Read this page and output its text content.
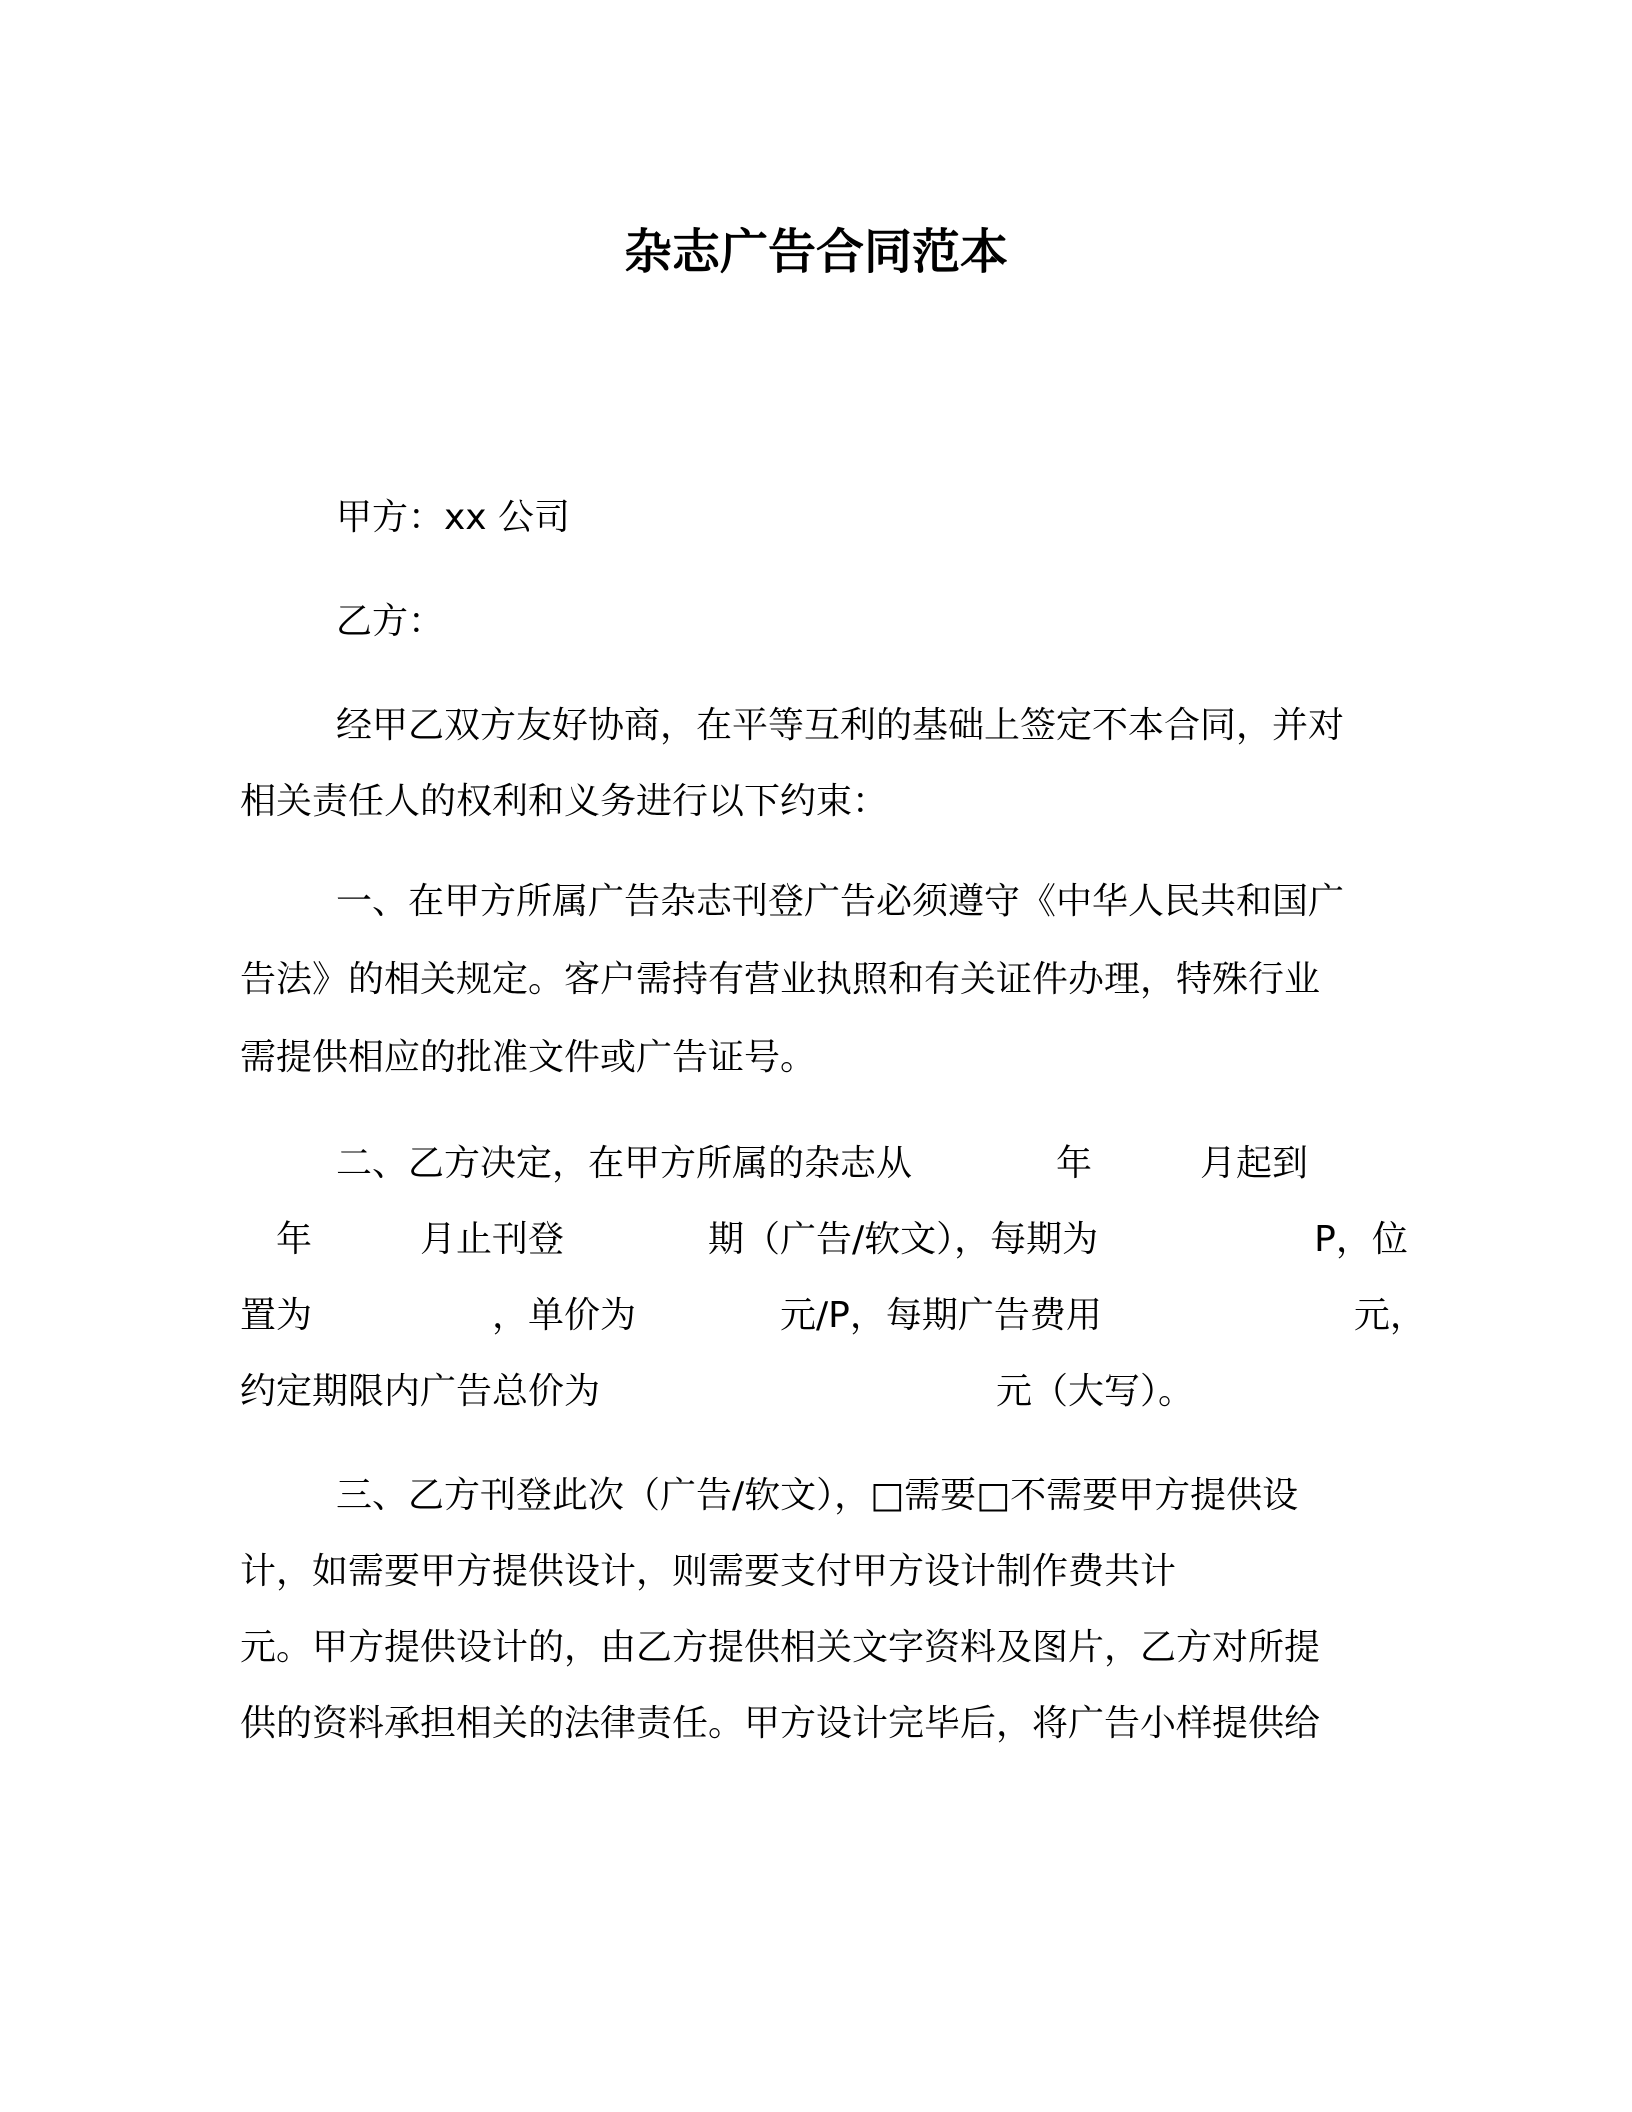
杂志广告合同范本

甲方：xx 公司

乙方：

经甲乙双方友好协商，在平等互利的基础上签定不本合同，并对

相关责任人的权利和义务进行以下约束：

一、在甲方所属广告杂志刊登广告必须遵守《中华人民共和国广

告法》的相关规定。客户需持有营业执照和有关证件办理，特殊行业

需提供相应的批准文件或广告证号。

二、乙方决定，在甲方所属的杂志从　　　　年　　　月起到

　年　　　月止刊登　　　　期（广告/软文），每期为　　　　　　P，位

置为　　　　　，单价为　　　　元/P，每期广告费用　　　　　　　元，

约定期限内广告总价为　　　　　　　　　　　元（大写）。

三、乙方刊登此次（广告/软文），□需要□不需要甲方提供设

计，如需要甲方提供设计，则需要支付甲方设计制作费共计

元。甲方提供设计的，由乙方提供相关文字资料及图片，乙方对所提

供的资料承担相关的法律责任。甲方设计完毕后，将广告小样提供给
